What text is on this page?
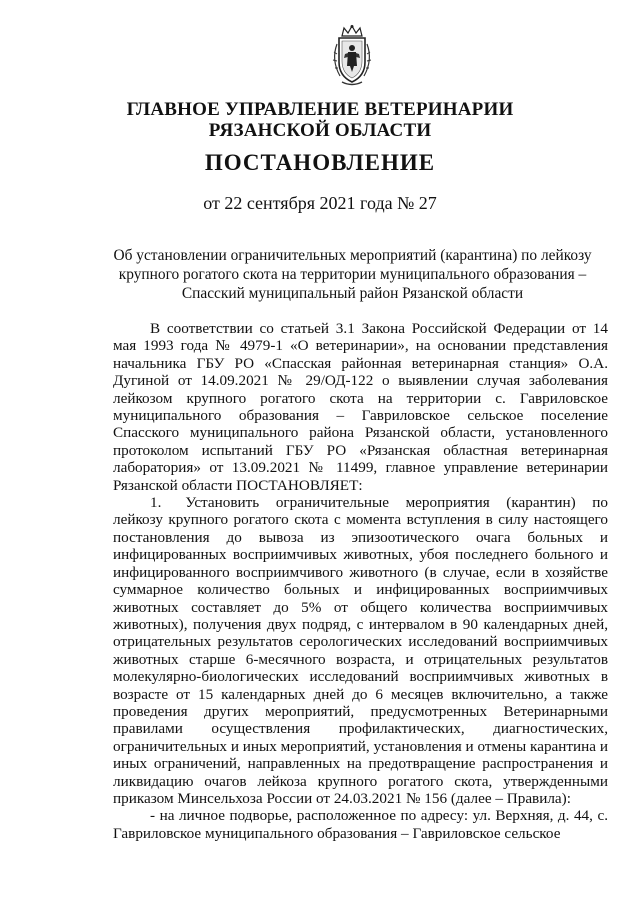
ГЛАВНОЕ УПРАВЛЕНИЕ ВЕТЕРИНАРИИ
РЯЗАНСКОЙ ОБЛАСТИ
ПОСТАНОВЛЕНИЕ
от 22 сентября 2021 года № 27
Об установлении ограничительных мероприятий (карантина) по лейкозу крупного рогатого скота на территории муниципального образования – Спасский муниципальный район Рязанской области

В соответствии со статьей 3.1 Закона Российской Федерации от 14 мая 1993 года № 4979-1 «О ветеринарии», на основании представления начальника ГБУ РО «Спасская районная ветеринарная станция» О.А. Дугиной от 14.09.2021 № 29/ОД-122 о выявлении случая заболевания лейкозом крупного рогатого скота на территории с. Гавриловское муниципального образования – Гавриловское сельское поселение Спасского муниципального района Рязанской области, установленного протоколом испытаний ГБУ РО «Рязанская областная ветеринарная лаборатория» от 13.09.2021 № 11499, главное управление ветеринарии Рязанской области ПОСТАНОВЛЯЕТ:

1. Установить ограничительные мероприятия (карантин) по лейкозу крупного рогатого скота с момента вступления в силу настоящего постановления до вывоза из эпизоотического очага больных и инфицированных восприимчивых животных, убоя последнего больного и инфицированного восприимчивого животного (в случае, если в хозяйстве суммарное количество больных и инфицированных восприимчивых животных составляет до 5% от общего количества восприимчивых животных), получения двух подряд, с интервалом в 90 календарных дней, отрицательных результатов серологических исследований восприимчивых животных старше 6-месячного возраста, и отрицательных результатов молекулярно-биологических исследований восприимчивых животных в возрасте от 15 календарных дней до 6 месяцев включительно, а также проведения других мероприятий, предусмотренных Ветеринарными правилами осуществления профилактических, диагностических, ограничительных и иных мероприятий, установления и отмены карантина и иных ограничений, направленных на предотвращение распространения и ликвидацию очагов лейкоза крупного рогатого скота, утвержденными приказом Минсельхоза России от 24.03.2021 № 156 (далее – Правила):

- на личное подворье, расположенное по адресу: ул. Верхняя, д. 44, с. Гавриловское муниципального образования – Гавриловское сельское
